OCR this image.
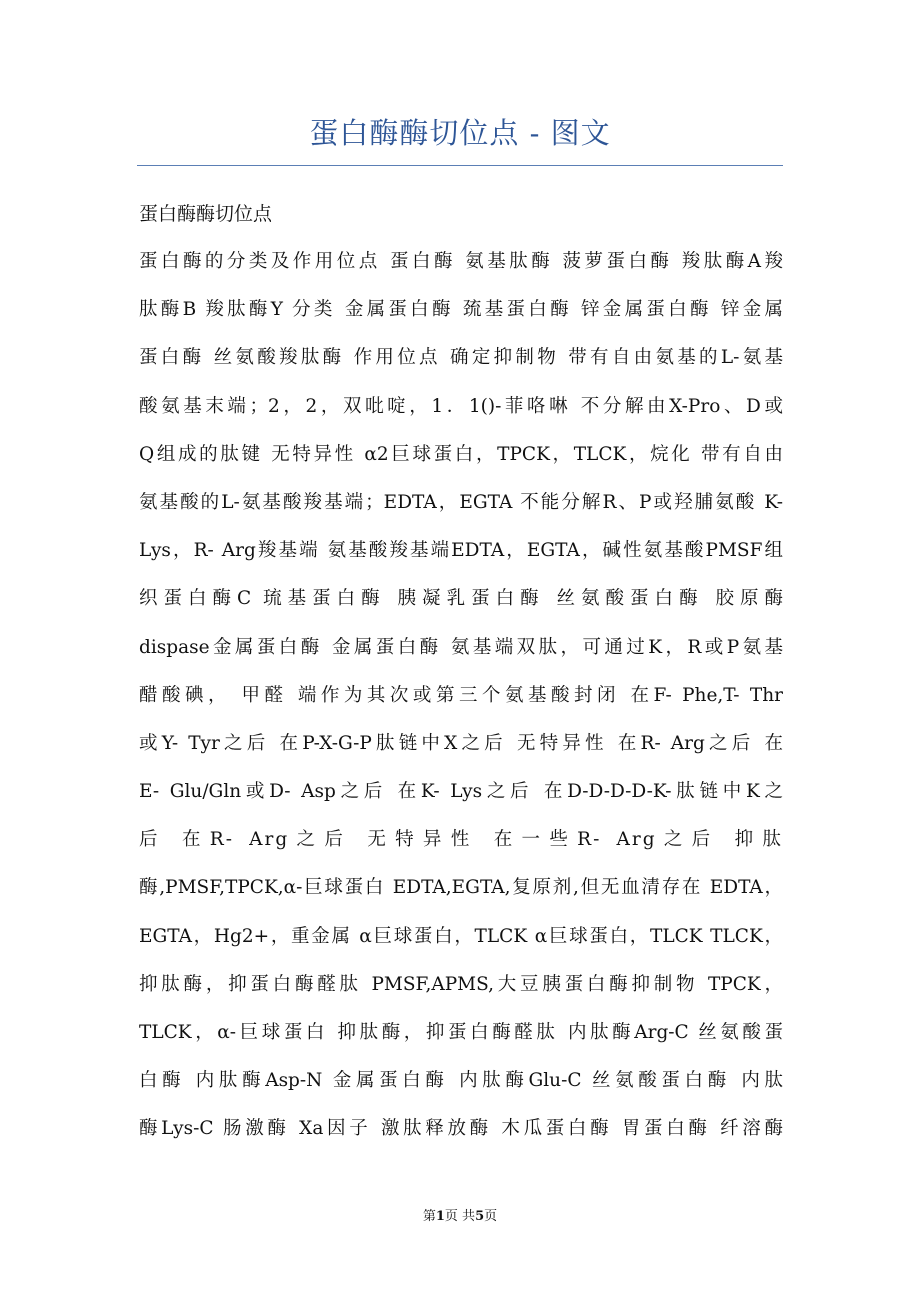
蛋白酶酶切位点 - 图文
蛋白酶酶切位点
蛋白酶的分类及作用位点 蛋白酶 氨基肽酶 菠萝蛋白酶 羧肽酶A羧
肽酶B 羧肽酶Y 分类 金属蛋白酶 巯基蛋白酶 锌金属蛋白酶 锌金属
蛋白酶 丝氨酸羧肽酶 作用位点 确定抑制物 带有自由氨基的L-氨基
酸氨基末端；2，2，双吡啶，1．1()-菲咯啉 不分解由X-Pro、D或
Q组成的肽键 无特异性 α2巨球蛋白，TPCK，TLCK，烷化 带有自由
氨基酸的L-氨基酸羧基端；EDTA，EGTA 不能分解R、P或羟脯氨酸 K-
Lys，R- Arg羧基端 氨基酸羧基端EDTA，EGTA，碱性氨基酸PMSF组
织蛋白酶C 琉基蛋白酶 胰凝乳蛋白酶 丝氨酸蛋白酶 胶原酶
dispase金属蛋白酶 金属蛋白酶 氨基端双肽，可通过K，R或P氨基
醋酸碘， 甲醛 端作为其次或第三个氨基酸封闭 在F- Phe,T- Thr
或Y- Tyr之后 在P-X-G-P肽链中X之后 无特异性 在R- Arg之后 在
E- Glu/Gln或D- Asp之后 在K- Lys之后 在D-D-D-D-K-肽链中K之
后 在R- Arg之后 无特异性 在一些R- Arg之后 抑肽
酶,PMSF,TPCK,α-巨球蛋白 EDTA,EGTA,复原剂,但无血清存在 EDTA，
EGTA，Hg2+，重金属 α巨球蛋白，TLCK α巨球蛋白，TLCK TLCK，
抑肽酶，抑蛋白酶醛肽 PMSF,APMS,大豆胰蛋白酶抑制物 TPCK，
TLCK，α-巨球蛋白 抑肽酶，抑蛋白酶醛肽 内肽酶Arg-C 丝氨酸蛋
白酶 内肽酶Asp-N 金属蛋白酶 内肽酶Glu-C 丝氨酸蛋白酶 内肽
酶Lys-C 肠激酶 Xa因子 激肽释放酶 木瓜蛋白酶 胃蛋白酶 纤溶酶
第1页 共5页
